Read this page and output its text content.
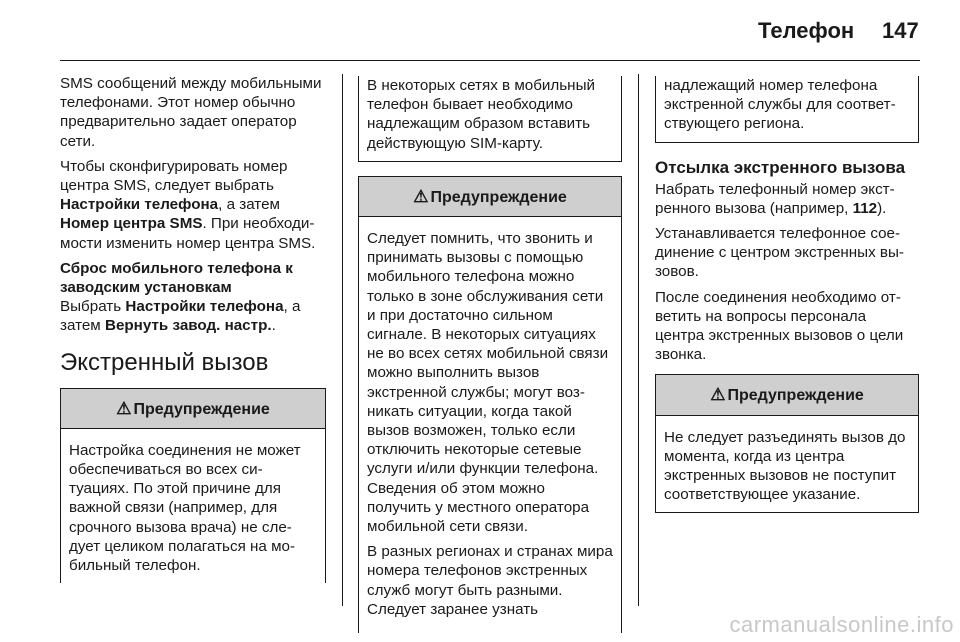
Телефон 147

SMS сообщений между мобильными телефонами. Этот номер обычно предварительно задает оператор сети.

Чтобы сконфигурировать номер центра SMS, следует выбрать Настройки телефона, а затем Номер центра SMS. При необходимости изменить номер центра SMS.

Сброс мобильного телефона к заводским установкам

Выбрать Настройки телефона, а затем Вернуть завод. настр..

Экстренный вызов
⚠ Предупреждение
Настройка соединения не может обеспечиваться во всех ситуациях. По этой причине для важной связи (например, для срочного вызова врача) не следует целиком полагаться на мобильный телефон.

В некоторых сетях в мобильный телефон бывает необходимо надлежащим образом вставить действующую SIM-карту.

⚠ Предупреждение

Следует помнить, что звонить и принимать вызовы с помощью мобильного телефона можно только в зоне обслуживания сети и при достаточно сильном сигнале. В некоторых ситуациях не во всех сетях мобильной связи можно выполнить вызов экстренной службы; могут возникать ситуации, когда такой вызов возможен, только если отключить некоторые сетевые услуги и/или функции телефона. Сведения об этом можно получить у местного оператора мобильной сети связи.

В разных регионах и странах мира номера телефонов экстренных служб могут быть разными. Следует заранее узнать

надлежащий номер телефона экстренной службы для соответствующего региона.

Отсылка экстренного вызова

Набрать телефонный номер экстренного вызова (например, 112).

Устанавливается телефонное соединение с центром экстренных вызовов.

После соединения необходимо ответить на вопросы персонала центра экстренных вызовов о цели звонка.

⚠ Предупреждение
Не следует разъединять вызов до момента, когда из центра экстренных вызовов не поступит соответствующее указание.
carmanualsonline.info
